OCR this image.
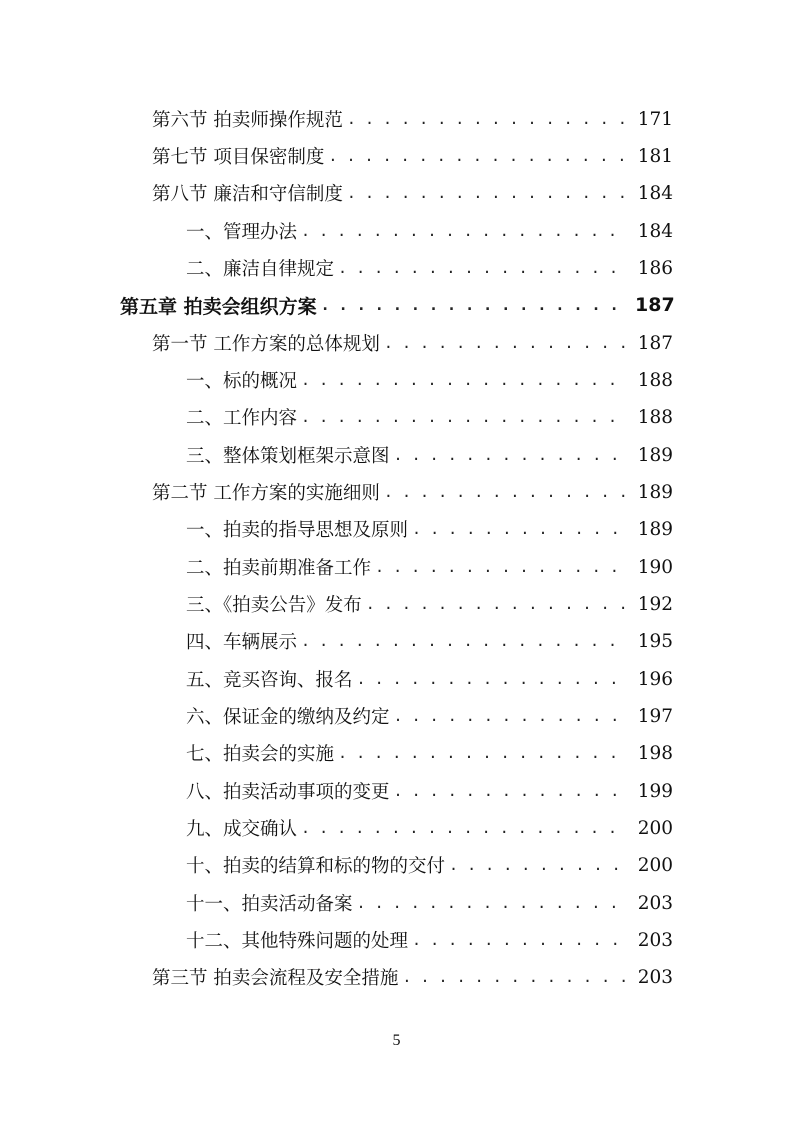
第六节 拍卖师操作规范 . . .	171
第七节 项目保密制度 . . .	181
第八节 廉洁和守信制度 . . .	184
一、管理办法 . . .	184
二、廉洁自律规定 . . .	186
第五章 拍卖会组织方案 . . .	187
第一节 工作方案的总体规划 . . .	187
一、标的概况 . . .	188
二、工作内容 . . .	188
三、整体策划框架示意图 . . .	189
第二节 工作方案的实施细则 . . .	189
一、拍卖的指导思想及原则 . . .	189
二、拍卖前期准备工作 . . .	190
三、《拍卖公告》发布 . . .	192
四、车辆展示 . . .	195
五、竞买咨询、报名 . . .	196
六、保证金的缴纳及约定 . . .	197
七、拍卖会的实施 . . .	198
八、拍卖活动事项的变更 . . .	199
九、成交确认 . . .	200
十、拍卖的结算和标的物的交付 . . .	200
十一、拍卖活动备案 . . .	203
十二、其他特殊问题的处理 . . .	203
第三节 拍卖会流程及安全措施 . . .	203
5
